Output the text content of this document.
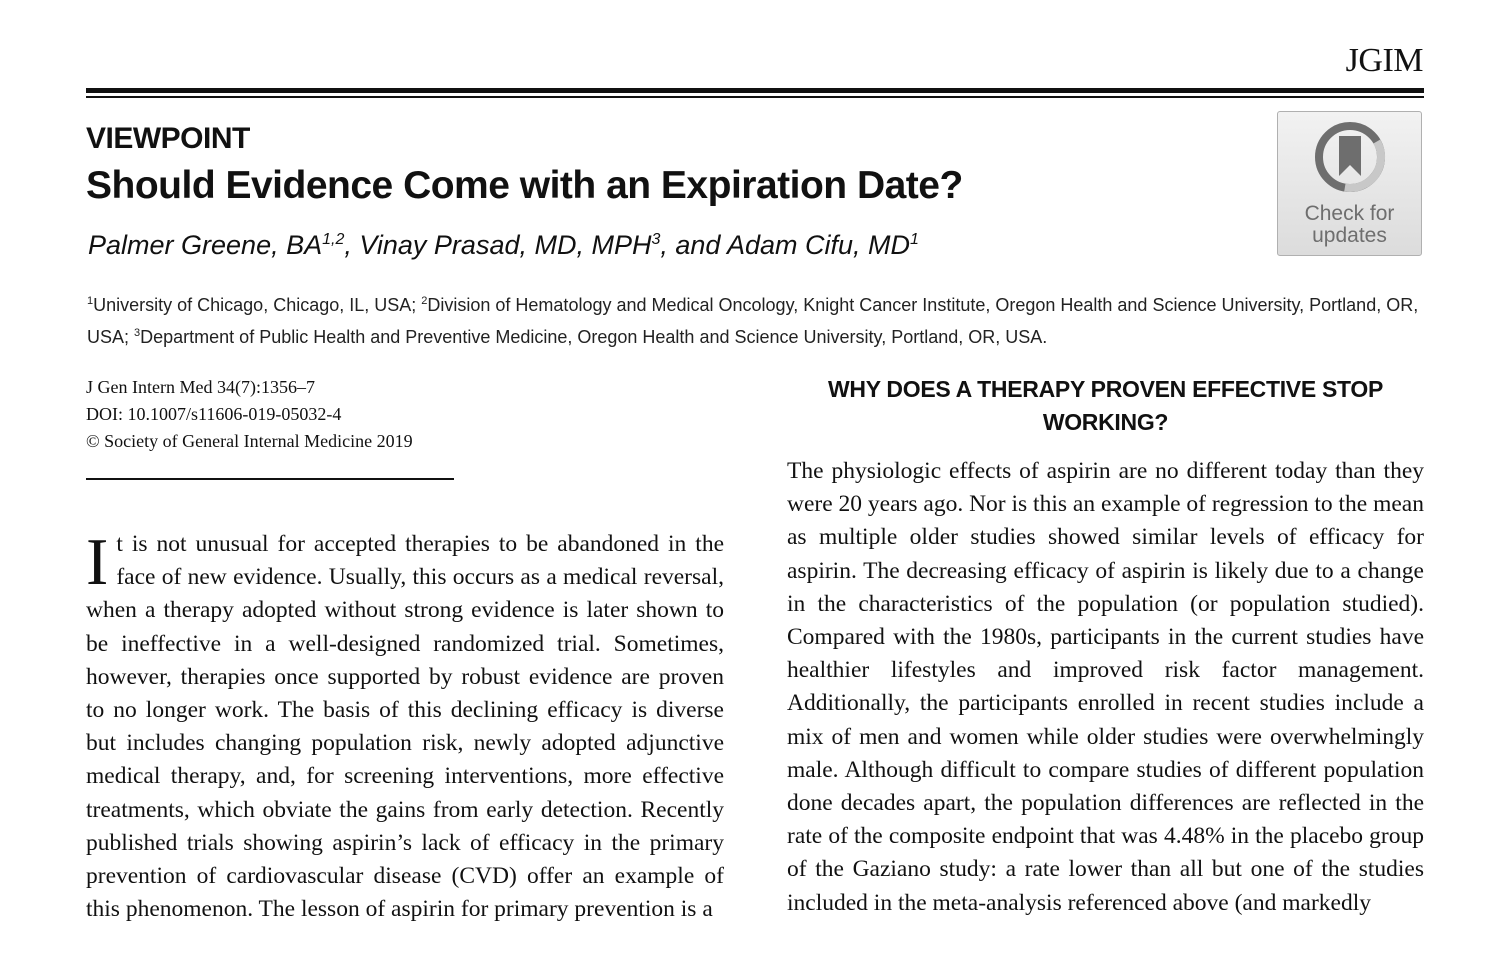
JGIM
VIEWPOINT
Should Evidence Come with an Expiration Date?
Palmer Greene, BA$^{1,2}$, Vinay Prasad, MD, MPH$^3$, and Adam Cifu, $MD^1$
$^1$University of Chicago, Chicago, IL, USA; $^2$Division of Hematology and Medical Oncology, Knight Cancer Institute, Oregon Health and Science University, Portland, OR, USA; $^3$Department of Public Health and Preventive Medicine, Oregon Health and Science University, Portland, OR, USA.
Check for
updates
J Gen Intern Med 34(7):1356–7
DOI: 10.1007/s11606-019-05032-4
© Society of General Internal Medicine 2019
It is not unusual for accepted therapies to be abandoned in the face of new evidence. Usually, this occurs as a medical reversal, when a therapy adopted without strong evidence is later shown to be ineffective in a well-designed randomized trial. Sometimes, however, therapies once supported by robust evidence are proven to no longer work. The basis of this declining efficacy is diverse but includes changing population risk, newly adopted adjunctive medical therapy, and, for screening interventions, more effective treatments, which obviate the gains from early detection. Recently published trials showing aspirin’s lack of efficacy in the primary prevention of cardiovascular disease (CVD) offer an example of this phenomenon. The lesson of aspirin for primary prevention is a
WHY DOES A THERAPY PROVEN EFFECTIVE STOP WORKING?
The physiologic effects of aspirin are no different today than they were 20 years ago. Nor is this an example of regression to the mean as multiple older studies showed similar levels of efficacy for aspirin. The decreasing efficacy of aspirin is likely due to a change in the characteristics of the population (or population studied). Compared with the 1980s, participants in the current studies have healthier lifestyles and improved risk factor management. Additionally, the participants enrolled in recent studies include a mix of men and women while older studies were overwhelmingly male. Although difficult to compare studies of different population done decades apart, the population differences are reflected in the rate of the composite endpoint that was 4.48% in the placebo group of the Gaziano study: a rate lower than all but one of the studies included in the meta-analysis referenced above (and markedly
